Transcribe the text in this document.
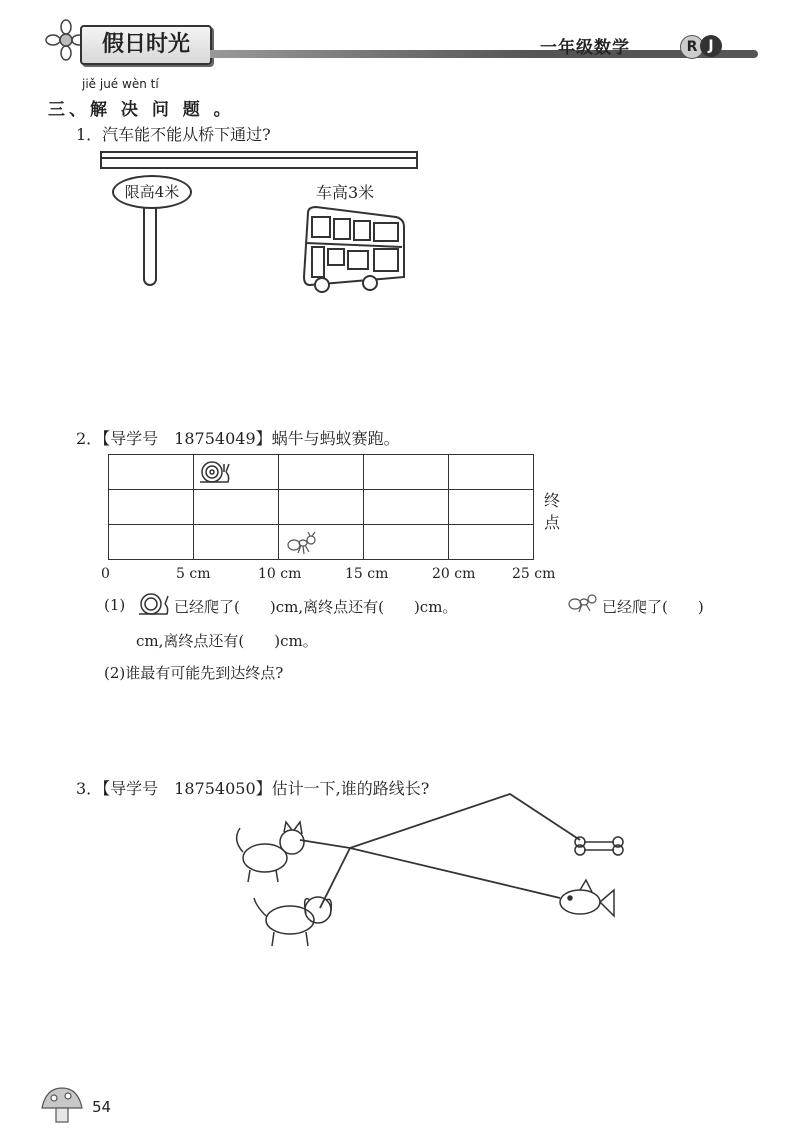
假日时光	一年级数学	R J
jiě jué wèn tí
三、解 决 问 题 。
1．汽车能不能从桥下通过?
限高4米	车高3米
2．【导学号　18754049】蜗牛与蚂蚁赛跑。

终点
0	5 cm	10 cm	15 cm	20 cm	25 cm
(1)	已经爬了(　　)cm,离终点还有(　　)cm。	已经爬了(　　)
cm,离终点还有(　　)cm。
(2)谁最有可能先到达终点?
3．【导学号　18754050】估计一下,谁的路线长?
54
